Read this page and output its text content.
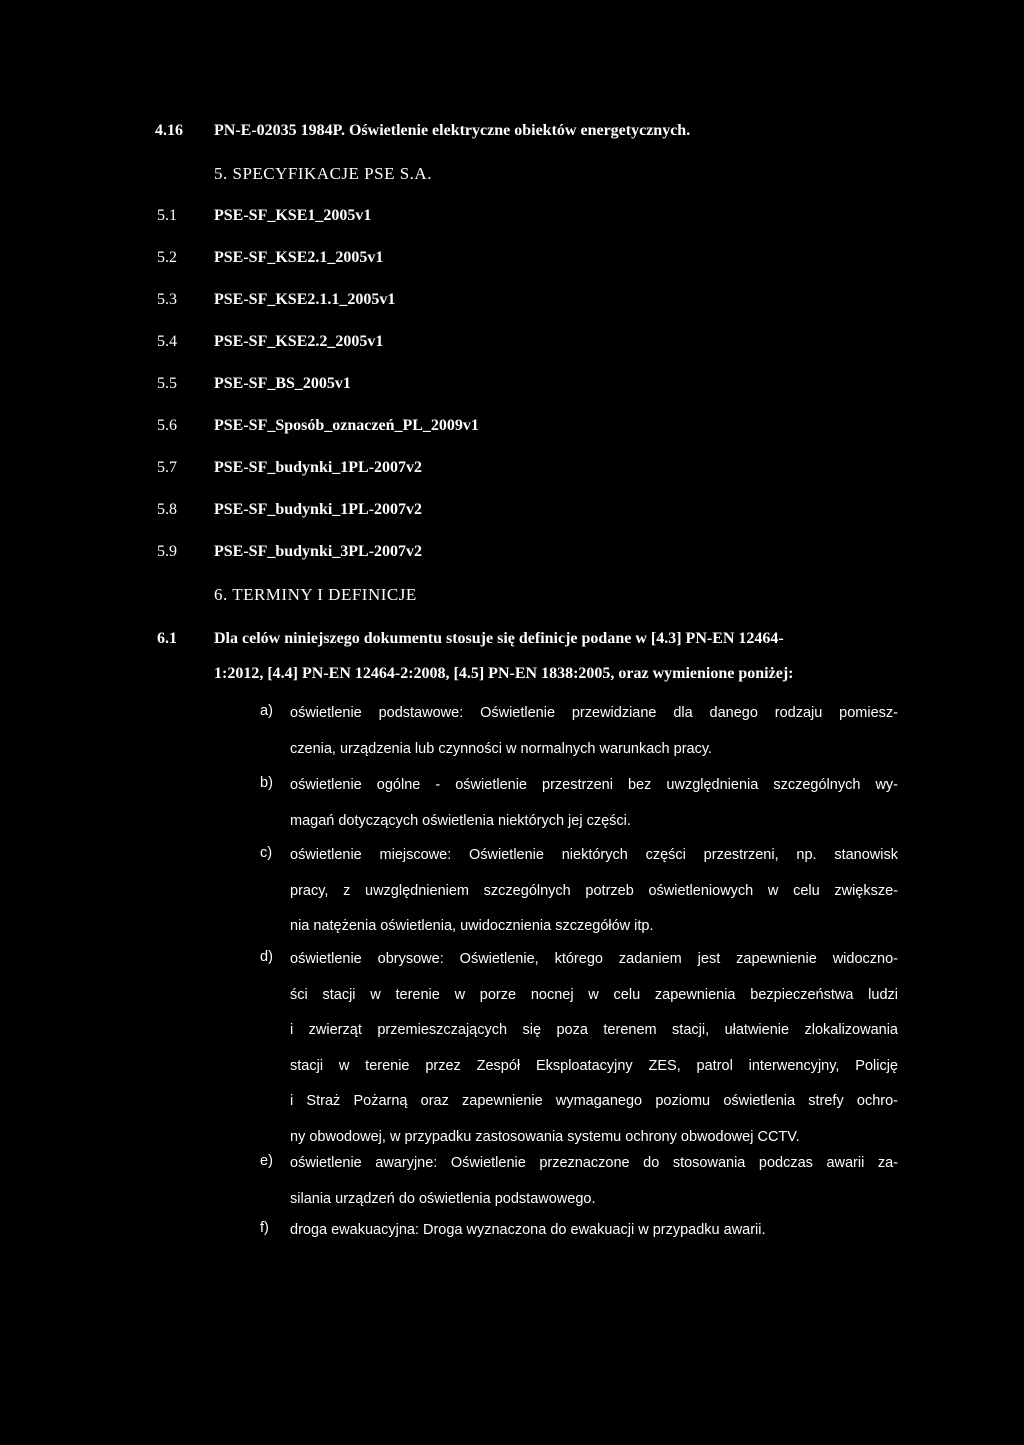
4.16 PN-E-02035 1984P. Oświetlenie elektryczne obiektów energetycznych.
5. SPECYFIKACJE PSE S.A.
5.1 PSE-SF_KSE1_2005v1
5.2 PSE-SF_KSE2.1_2005v1
5.3 PSE-SF_KSE2.1.1_2005v1
5.4 PSE-SF_KSE2.2_2005v1
5.5 PSE-SF_BS_2005v1
5.6 PSE-SF_Sposób_oznaczeń_PL_2009v1
5.7 PSE-SF_budynki_1PL-2007v2
5.8 PSE-SF_budynki_1PL-2007v2
5.9 PSE-SF_budynki_3PL-2007v2
6. TERMINY I DEFINICJE
6.1 Dla celów niniejszego dokumentu stosuje się definicje podane w [4.3] PN-EN 12464-
1:2012, [4.4] PN-EN 12464-2:2008, [4.5] PN-EN 1838:2005, oraz wymienione poniżej:
a) oświetlenie podstawowe: Oświetlenie przewidziane dla danego rodzaju pomiesz-
czenia, urządzenia lub czynności w normalnych warunkach pracy.
b) oświetlenie ogólne - oświetlenie przestrzeni bez uwzględnienia szczególnych wy-
magań dotyczących oświetlenia niektórych jej części.
c) oświetlenie miejscowe: Oświetlenie niektórych części przestrzeni, np. stanowisk
pracy, z uwzględnieniem szczególnych potrzeb oświetleniowych w celu zwiększe-
nia natężenia oświetlenia, uwidocznienia szczegółów itp.
d) oświetlenie obrysowe: Oświetlenie, którego zadaniem jest zapewnienie widoczno-
ści stacji w terenie w porze nocnej w celu zapewnienia bezpieczeństwa ludzi
i zwierząt przemieszczających się poza terenem stacji, ułatwienie zlokalizowania
stacji w terenie przez Zespół Eksploatacyjny ZES, patrol interwencyjny, Policję
i Straż Pożarną oraz zapewnienie wymaganego poziomu oświetlenia strefy ochro-
ny obwodowej, w przypadku zastosowania systemu ochrony obwodowej CCTV.
e) oświetlenie awaryjne: Oświetlenie przeznaczone do stosowania podczas awarii za-
silania urządzeń do oświetlenia podstawowego.
f) droga ewakuacyjna: Droga wyznaczona do ewakuacji w przypadku awarii.
